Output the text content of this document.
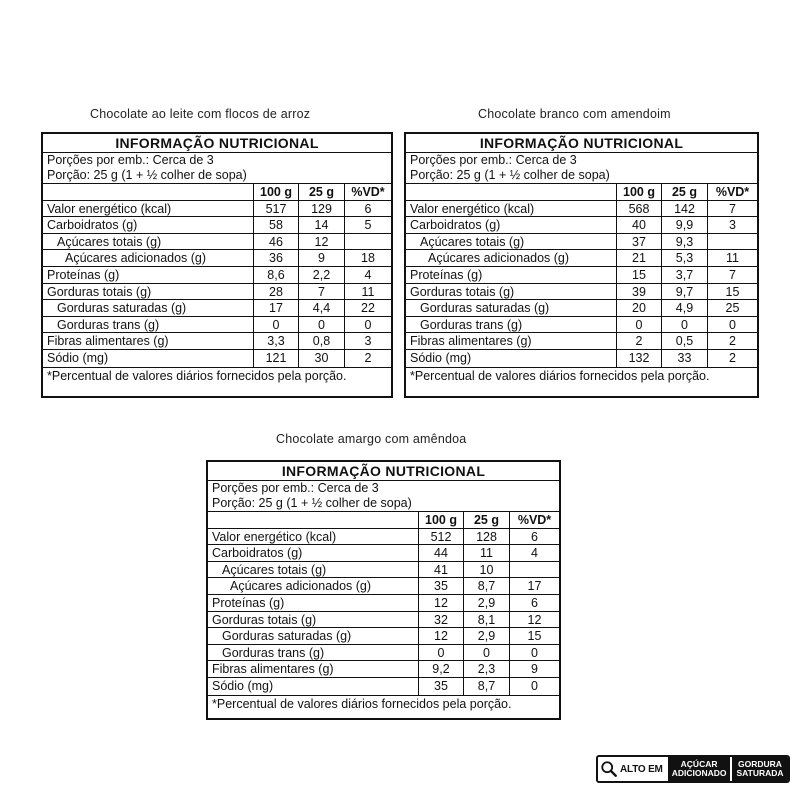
Chocolate ao leite com flocos de arroz
INFORMAÇÃO NUTRICIONAL
Porções por emb.: Cerca de 3
Porção: 25 g (1 + ½ colher de sopa)
100 g	25 g	%VD*
Valor energético (kcal)	517	129	6
Carboidratos (g)	58	14	5
Açúcares totais (g)	46	12
Açúcares adicionados (g)	36	9	18
Proteínas (g)	8,6	2,2	4
Gorduras totais (g)	28	7	11
Gorduras saturadas (g)	17	4,4	22
Gorduras trans (g)	0	0	0
Fibras alimentares (g)	3,3	0,8	3
Sódio (mg)	121	30	2
*Percentual de valores diários fornecidos pela porção.
Chocolate branco com amendoim
INFORMAÇÃO NUTRICIONAL
Porções por emb.: Cerca de 3
Porção: 25 g (1 + ½ colher de sopa)
100 g	25 g	%VD*
Valor energético (kcal)	568	142	7
Carboidratos (g)	40	9,9	3
Açúcares totais (g)	37	9,3
Açúcares adicionados (g)	21	5,3	11
Proteínas (g)	15	3,7	7
Gorduras totais (g)	39	9,7	15
Gorduras saturadas (g)	20	4,9	25
Gorduras trans (g)	0	0	0
Fibras alimentares (g)	2	0,5	2
Sódio (mg)	132	33	2
*Percentual de valores diários fornecidos pela porção.
Chocolate amargo com amêndoa
INFORMAÇÃO NUTRICIONAL
Porções por emb.: Cerca de 3
Porção: 25 g (1 + ½ colher de sopa)
100 g	25 g	%VD*
Valor energético (kcal)	512	128	6
Carboidratos (g)	44	11	4
Açúcares totais (g)	41	10
Açúcares adicionados (g)	35	8,7	17
Proteínas (g)	12	2,9	6
Gorduras totais (g)	32	8,1	12
Gorduras saturadas (g)	12	2,9	15
Gorduras trans (g)	0	0	0
Fibras alimentares (g)	9,2	2,3	9
Sódio (mg)	35	8,7	0
*Percentual de valores diários fornecidos pela porção.
ALTO EM	AÇÚCAR
ADICIONADO
GORDURA
SATURADA
